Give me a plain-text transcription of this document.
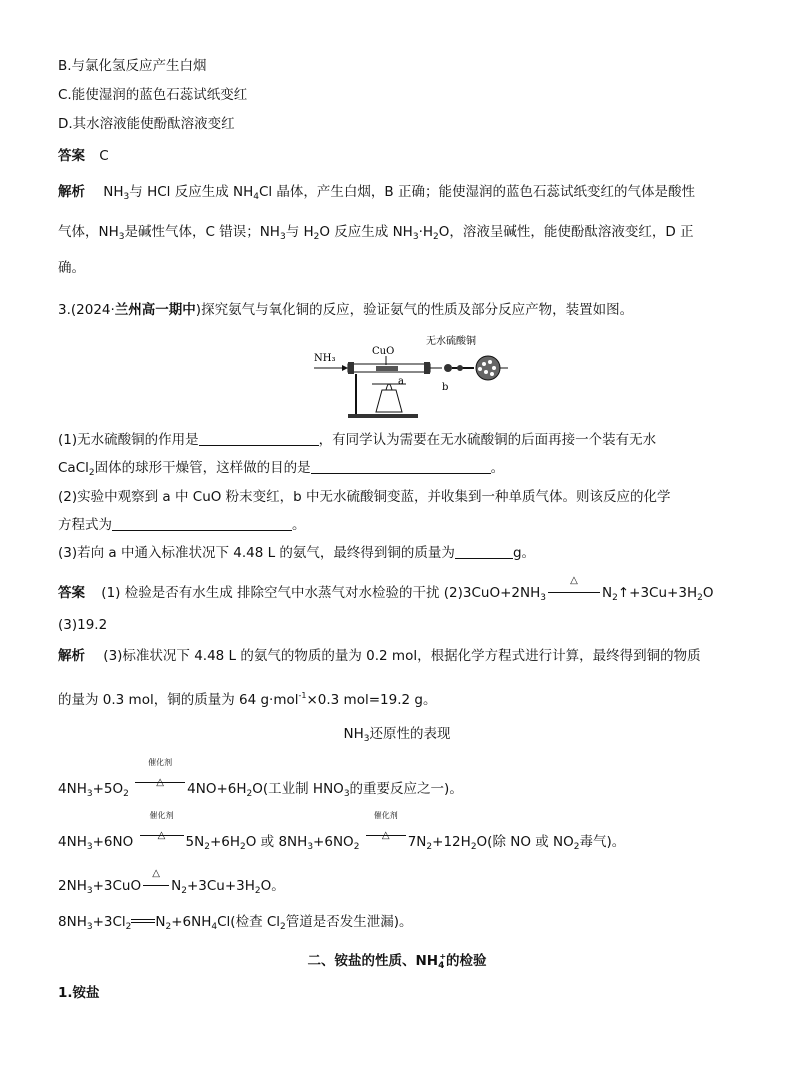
B.与氯化氢反应产生白烟
C.能使湿润的蓝色石蕊试纸变红
D.其水溶液能使酚酞溶液变红
答案 C
解析 $NH_3$与 HCl 反应生成 $NH_4Cl$ 晶体，产生白烟，B 正确；能使湿润的蓝色石蕊试纸变红的气体是酸性
气体，$NH_3$是碱性气体，C 错误；$NH_3$与 $H_2O$ 反应生成 $NH_3\cdot H_2O$，溶液呈碱性，能使酚酞溶液变红，D 正
确。
3.(2024·兰州高一期中)探究氨气与氧化铜的反应，验证氨气的性质及部分反应产物，装置如图。
NH₃
CuO
a
无水硫酸铜
b
(1)无水硫酸铜的作用是	，有同学认为需要在无水硫酸铜的后面再接一个装有无水
CaCl$_2$固体的球形干燥管，这样做的目的是	。
(2)实验中观察到 a 中 CuO 粉末变红，b 中无水硫酸铜变蓝，并收集到一种单质气体。则该反应的化学
方程式为	。
(3)若向 a 中通入标准状况下 4.48 L 的氨气，最终得到铜的质量为	g。
答案 (1) 检验是否有水生成 排除空气中水蒸气对水检验的干扰 $(2)3CuO+2NH_3$
△
$N_2↑+3Cu+3H_2O$
(3)19.2
解析 (3)标准状况下 4.48 L 的氨气的物质的量为 0.2 mol，根据化学方程式进行计算，最终得到铜的物质
的量为 0.3 mol，铜的质量为 64 g·mol$^{-1}$×0.3 mol=19.2 g。
$NH_3$还原性的表现
$4NH_3+5O_2$
催化剂
△	$4NO+6H_2O$(工业制 $HNO_3$的重要反应之一)。
$4NH_3+6NO$
催化剂
△	$5N_2+6H_2O$ 或 $8NH_3+6NO_2$
催化剂
△	$7N_2+12H_2O$(除 NO 或 $NO_2$毒气)。
$2NH_3+3CuO$
△
$N_2+3Cu+3H_2O$。
$8NH_3+3Cl_2$ $N_2+6NH_4Cl$(检查 $Cl_2$管道是否发生泄漏)。
二、铵盐的性质、$NH_4^+$的检验
1.铵盐
